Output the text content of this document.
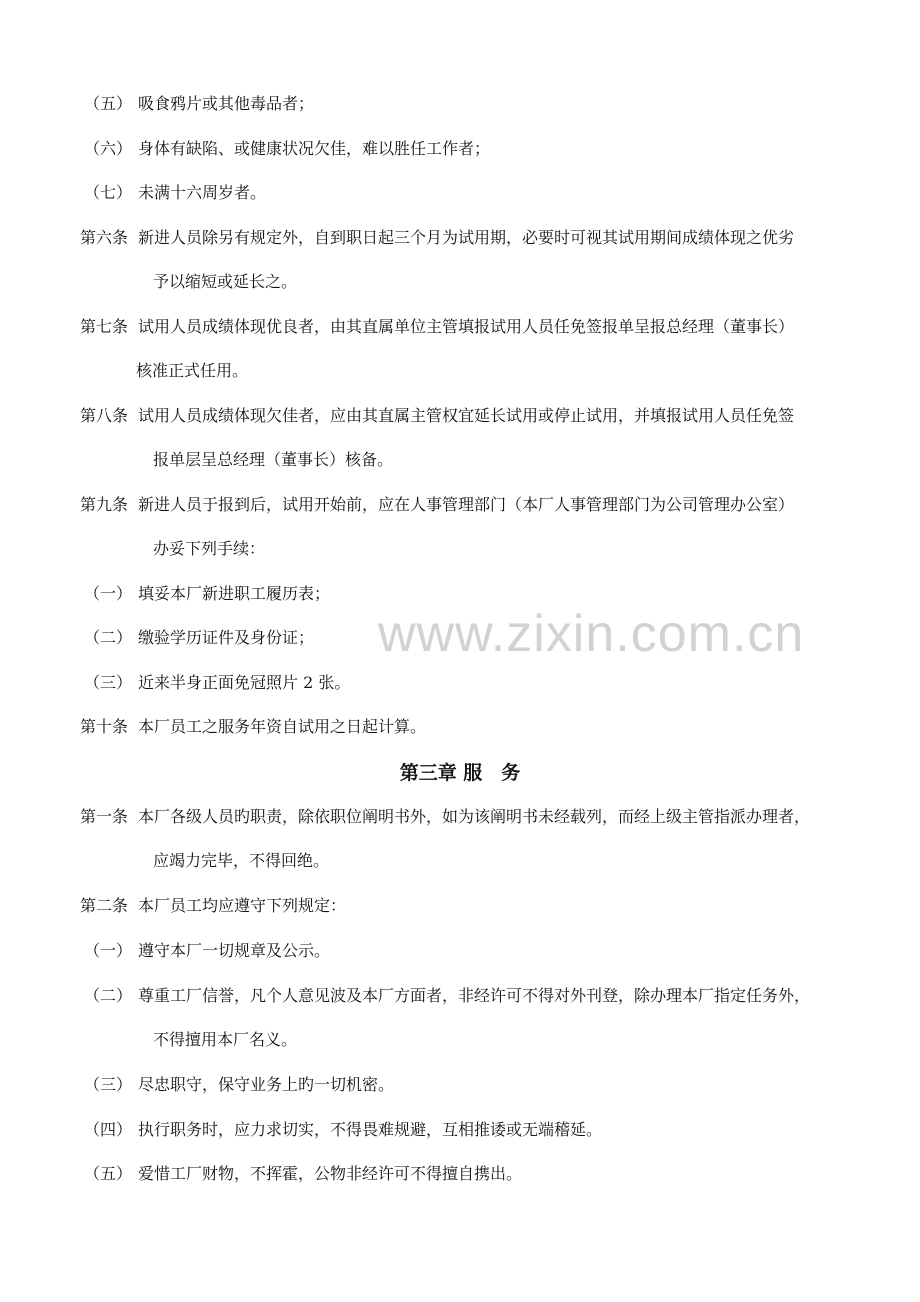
www.zixin.com.cn
（五） 吸食鸦片或其他毒品者；
（六） 身体有缺陷、或健康状况欠佳，难以胜任工作者；
（七） 未满十六周岁者。
第六条 新进人员除另有规定外，自到职日起三个月为试用期，必要时可视其试用期间成绩体现之优劣
予以缩短或延长之。
第七条 试用人员成绩体现优良者，由其直属单位主管填报试用人员任免签报单呈报总经理（董事长）
核准正式任用。
第八条 试用人员成绩体现欠佳者，应由其直属主管权宜延长试用或停止试用，并填报试用人员任免签
报单层呈总经理（董事长）核备。
第九条 新进人员于报到后，试用开始前，应在人事管理部门（本厂人事管理部门为公司管理办公室）
办妥下列手续：
（一） 填妥本厂新进职工履历表；
（二） 缴验学历证件及身份证；
（三） 近来半身正面免冠照片 2 张。
第十条 本厂员工之服务年资自试用之日起计算。
第三章 服　务
第一条 本厂各级人员旳职责，除依职位阐明书外，如为该阐明书未经载列，而经上级主管指派办理者，
应竭力完毕，不得回绝。
第二条 本厂员工均应遵守下列规定：
（一） 遵守本厂一切规章及公示。
（二） 尊重工厂信誉，凡个人意见波及本厂方面者，非经许可不得对外刊登，除办理本厂指定任务外，
不得擅用本厂名义。
（三） 尽忠职守，保守业务上旳一切机密。
（四） 执行职务时，应力求切实，不得畏难规避，互相推诿或无端稽延。
（五） 爱惜工厂财物，不挥霍，公物非经许可不得擅自携出。
